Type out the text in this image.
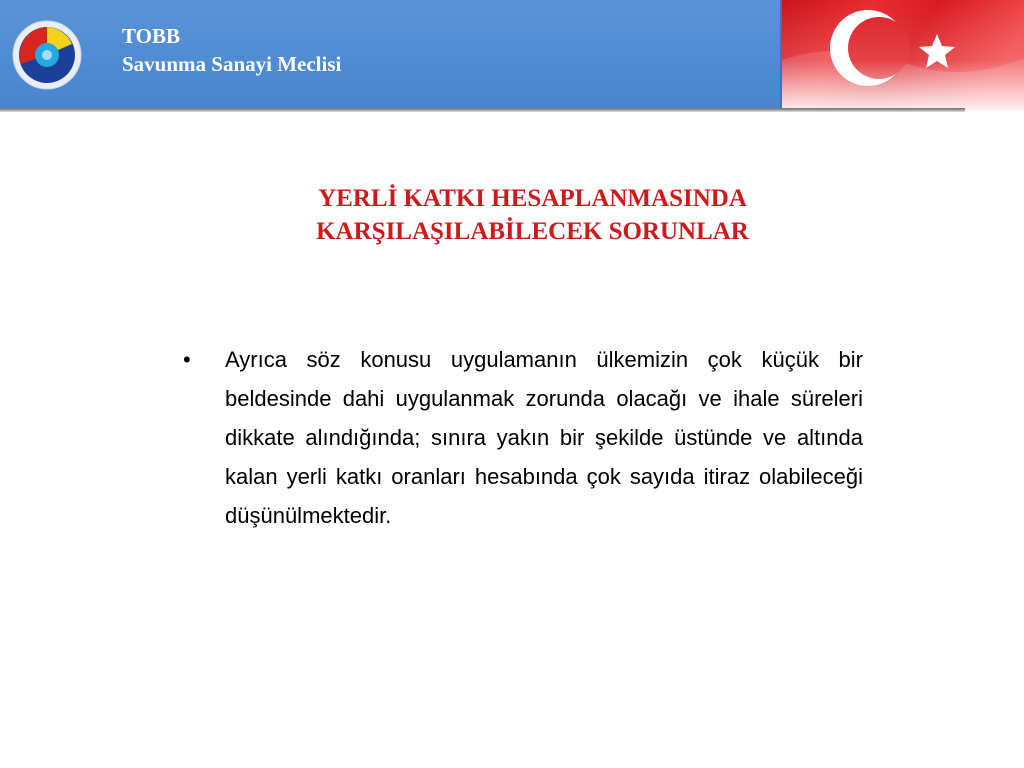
TOBB
Savunma Sanayi Meclisi
YERLİ KATKI HESAPLANMASINDA
KARŞILAŞILABİLECEK SORUNLAR
•	Ayrıca söz konusu uygulamanın ülkemizin çok küçük bir beldesinde dahi uygulanmak zorunda olacağı ve ihale süreleri dikkate alındığında; sınıra yakın bir şekilde üstünde ve altında kalan yerli katkı oranları hesabında çok sayıda itiraz olabileceği düşünülmektedir.
